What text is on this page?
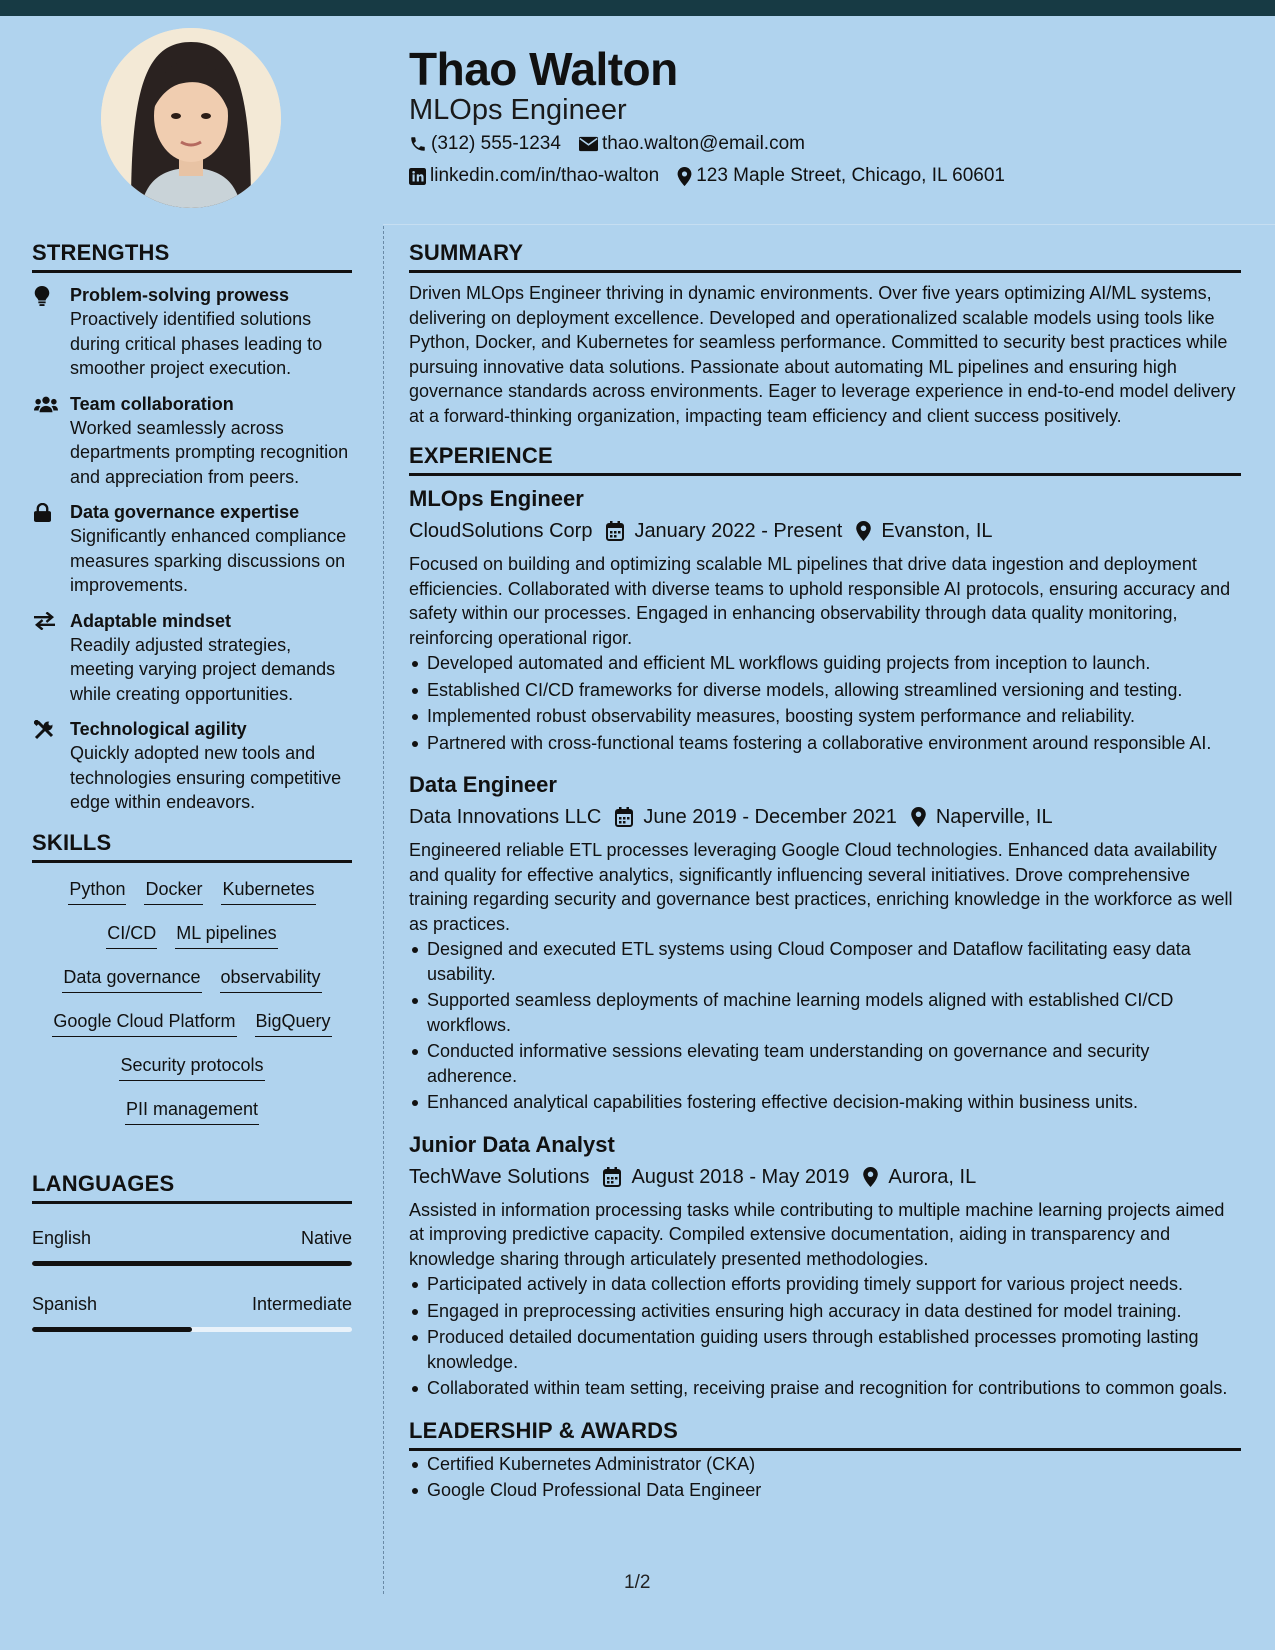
Thao Walton
MLOps Engineer
(312) 555-1234 thao.walton@email.com
linkedin.com/in/thao-walton 123 Maple Street, Chicago, IL 60601
STRENGTHS
Problem-solving prowess
Proactively identified solutions during critical phases leading to smoother project execution.
Team collaboration
Worked seamlessly across departments prompting recognition and appreciation from peers.
Data governance expertise
Significantly enhanced compliance measures sparking discussions on improvements.
Adaptable mindset
Readily adjusted strategies, meeting varying project demands while creating opportunities.
Technological agility
Quickly adopted new tools and technologies ensuring competitive edge within endeavors.
SKILLS
Python Docker Kubernetes
CI/CD ML pipelines
Data governance observability
Google Cloud Platform BigQuery
Security protocols
PII management
LANGUAGES
English	Native
Spanish	Intermediate
SUMMARY
Driven MLOps Engineer thriving in dynamic environments. Over five years optimizing AI/ML systems, delivering on deployment excellence. Developed and operationalized scalable models using tools like Python, Docker, and Kubernetes for seamless performance. Committed to security best practices while pursuing innovative data solutions. Passionate about automating ML pipelines and ensuring high governance standards across environments. Eager to leverage experience in end-to-end model delivery at a forward-thinking organization, impacting team efficiency and client success positively.
EXPERIENCE
MLOps Engineer
CloudSolutions Corp January 2022 - Present Evanston, IL
Focused on building and optimizing scalable ML pipelines that drive data ingestion and deployment efficiencies. Collaborated with diverse teams to uphold responsible AI protocols, ensuring accuracy and safety within our processes. Engaged in enhancing observability through data quality monitoring, reinforcing operational rigor.
Developed automated and efficient ML workflows guiding projects from inception to launch.
Established CI/CD frameworks for diverse models, allowing streamlined versioning and testing.
Implemented robust observability measures, boosting system performance and reliability.
Partnered with cross-functional teams fostering a collaborative environment around responsible AI.
Data Engineer
Data Innovations LLC June 2019 - December 2021 Naperville, IL
Engineered reliable ETL processes leveraging Google Cloud technologies. Enhanced data availability and quality for effective analytics, significantly influencing several initiatives. Drove comprehensive training regarding security and governance best practices, enriching knowledge in the workforce as well as practices.
Designed and executed ETL systems using Cloud Composer and Dataflow facilitating easy data usability.
Supported seamless deployments of machine learning models aligned with established CI/CD workflows.
Conducted informative sessions elevating team understanding on governance and security adherence.
Enhanced analytical capabilities fostering effective decision-making within business units.
Junior Data Analyst
TechWave Solutions August 2018 - May 2019 Aurora, IL
Assisted in information processing tasks while contributing to multiple machine learning projects aimed at improving predictive capacity. Compiled extensive documentation, aiding in transparency and knowledge sharing through articulately presented methodologies.
Participated actively in data collection efforts providing timely support for various project needs.
Engaged in preprocessing activities ensuring high accuracy in data destined for model training.
Produced detailed documentation guiding users through established processes promoting lasting knowledge.
Collaborated within team setting, receiving praise and recognition for contributions to common goals.
LEADERSHIP & AWARDS
Certified Kubernetes Administrator (CKA)
Google Cloud Professional Data Engineer
1/2
